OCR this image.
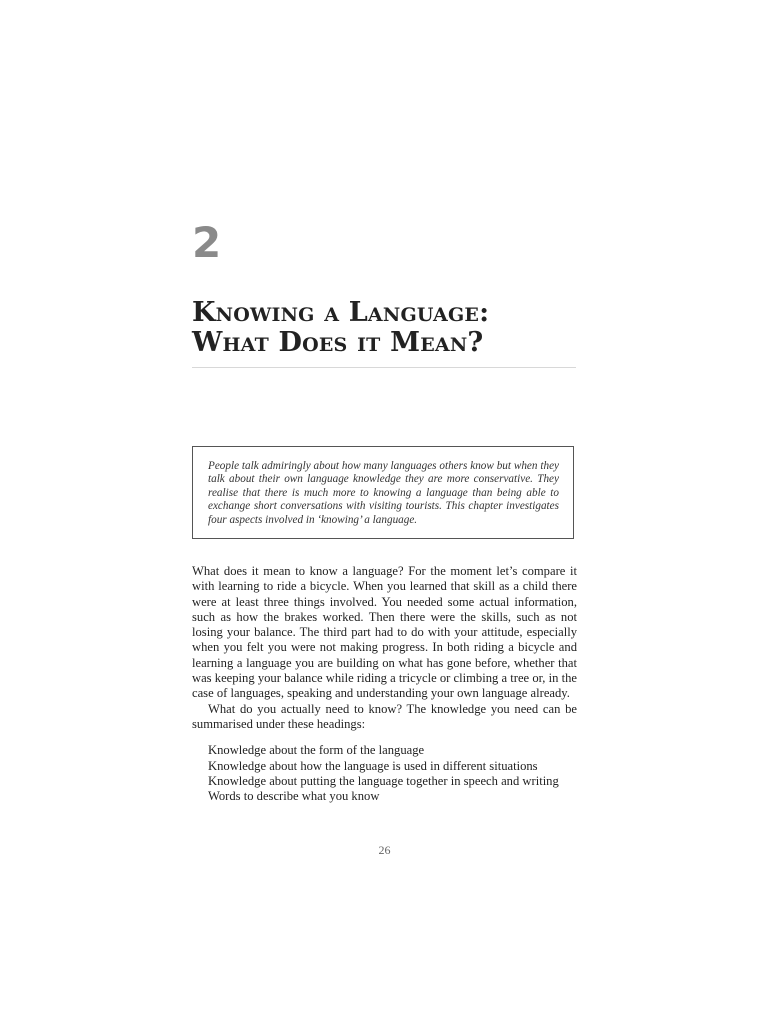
2
Knowing a Language:
What Does it Mean?

People talk admiringly about how many languages others know but when they talk about their own language knowledge they are more conservative. They realise that there is much more to knowing a language than being able to exchange short conversations with visiting tourists. This chapter investigates four aspects involved in ‘knowing’ a language.

What does it mean to know a language? For the moment let’s compare it with learning to ride a bicycle. When you learned that skill as a child there were at least three things involved. You needed some actual information, such as how the brakes worked. Then there were the skills, such as not losing your balance. The third part had to do with your attitude, especially when you felt you were not making progress. In both riding a bicycle and learning a language you are building on what has gone before, whether that was keeping your balance while riding a tricycle or climbing a tree or, in the case of languages, speaking and understanding your own language already.

What do you actually need to know? The knowledge you need can be summarised under these headings:

Knowledge about the form of the language
Knowledge about how the language is used in different situations
Knowledge about putting the language together in speech and writing
Words to describe what you know
26
